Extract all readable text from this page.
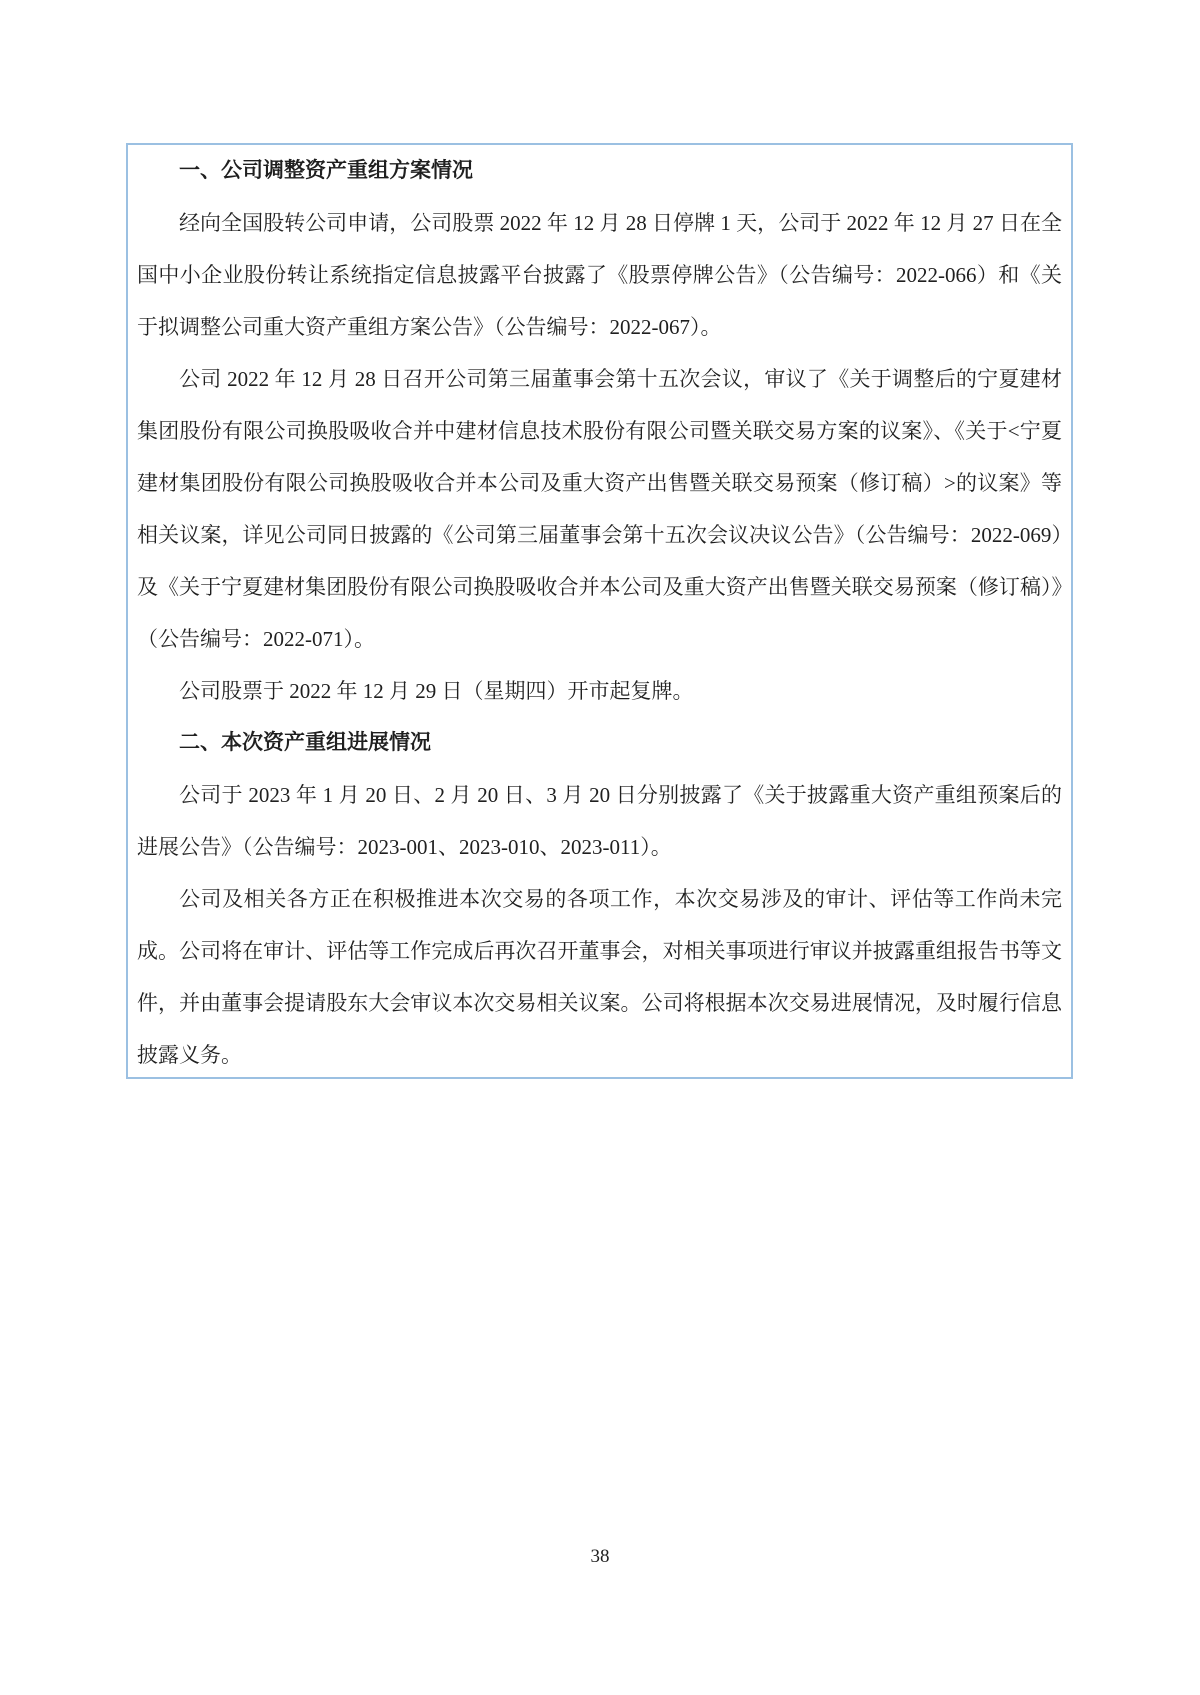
一、公司调整资产重组方案情况

经向全国股转公司申请，公司股票 2022 年 12 月 28 日停牌 1 天，公司于 2022 年 12 月 27 日在全国中小企业股份转让系统指定信息披露平台披露了《股票停牌公告》（公告编号：2022-066）和《关于拟调整公司重大资产重组方案公告》（公告编号：2022-067）。

公司 2022 年 12 月 28 日召开公司第三届董事会第十五次会议，审议了《关于调整后的宁夏建材集团股份有限公司换股吸收合并中建材信息技术股份有限公司暨关联交易方案的议案》、《关于<宁夏建材集团股份有限公司换股吸收合并本公司及重大资产出售暨关联交易预案（修订稿）>的议案》等相关议案，详见公司同日披露的《公司第三届董事会第十五次会议决议公告》（公告编号：2022-069）及《关于宁夏建材集团股份有限公司换股吸收合并本公司及重大资产出售暨关联交易预案（修订稿）》（公告编号：2022-071）。

公司股票于 2022 年 12 月 29 日（星期四）开市起复牌。

二、本次资产重组进展情况

公司于 2023 年 1 月 20 日、2 月 20 日、3 月 20 日分别披露了《关于披露重大资产重组预案后的进展公告》（公告编号：2023-001、2023-010、2023-011）。

公司及相关各方正在积极推进本次交易的各项工作，本次交易涉及的审计、评估等工作尚未完成。公司将在审计、评估等工作完成后再次召开董事会，对相关事项进行审议并披露重组报告书等文件，并由董事会提请股东大会审议本次交易相关议案。公司将根据本次交易进展情况，及时履行信息披露义务。

38
